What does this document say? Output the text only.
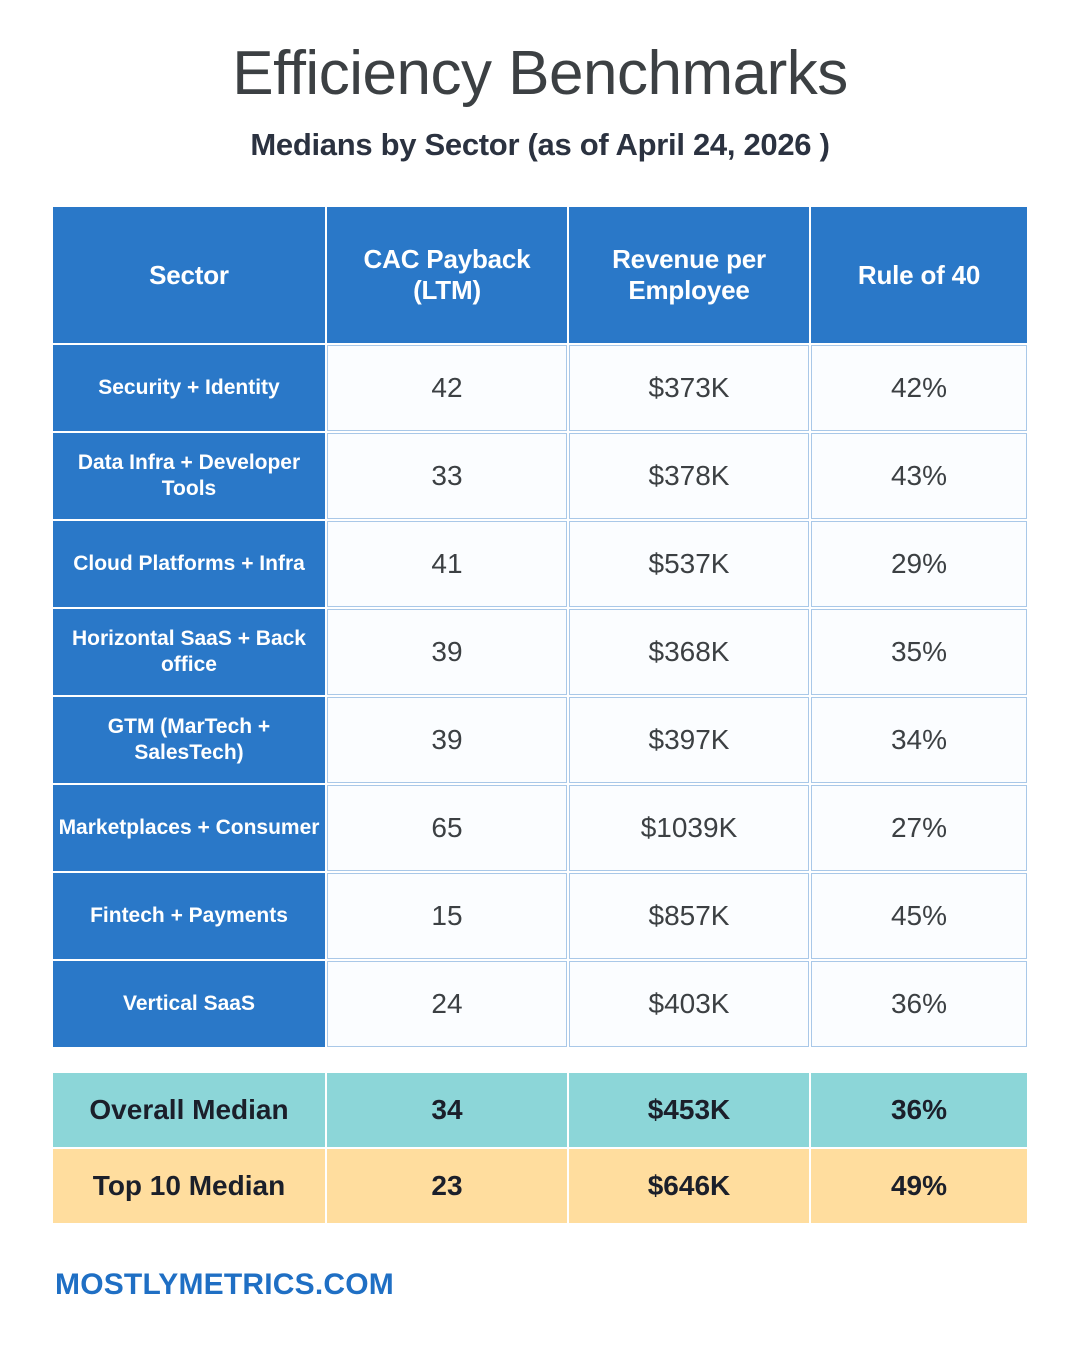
Efficiency Benchmarks
Medians by Sector (as of April 24, 2026 )
Sector	CAC Payback (LTM)	Revenue per Employee	Rule of 40
Security + Identity	42	$373K	42%
Data Infra + Developer Tools	33	$378K	43%
Cloud Platforms + Infra	41	$537K	29%
Horizontal SaaS + Back office	39	$368K	35%
GTM (MarTech + SalesTech)	39	$397K	34%
Marketplaces + Consumer	65	$1039K	27%
Fintech + Payments	15	$857K	45%
Vertical SaaS	24	$403K	36%
Overall Median	34	$453K	36%
Top 10 Median	23	$646K	49%
MOSTLYMETRICS.COM
